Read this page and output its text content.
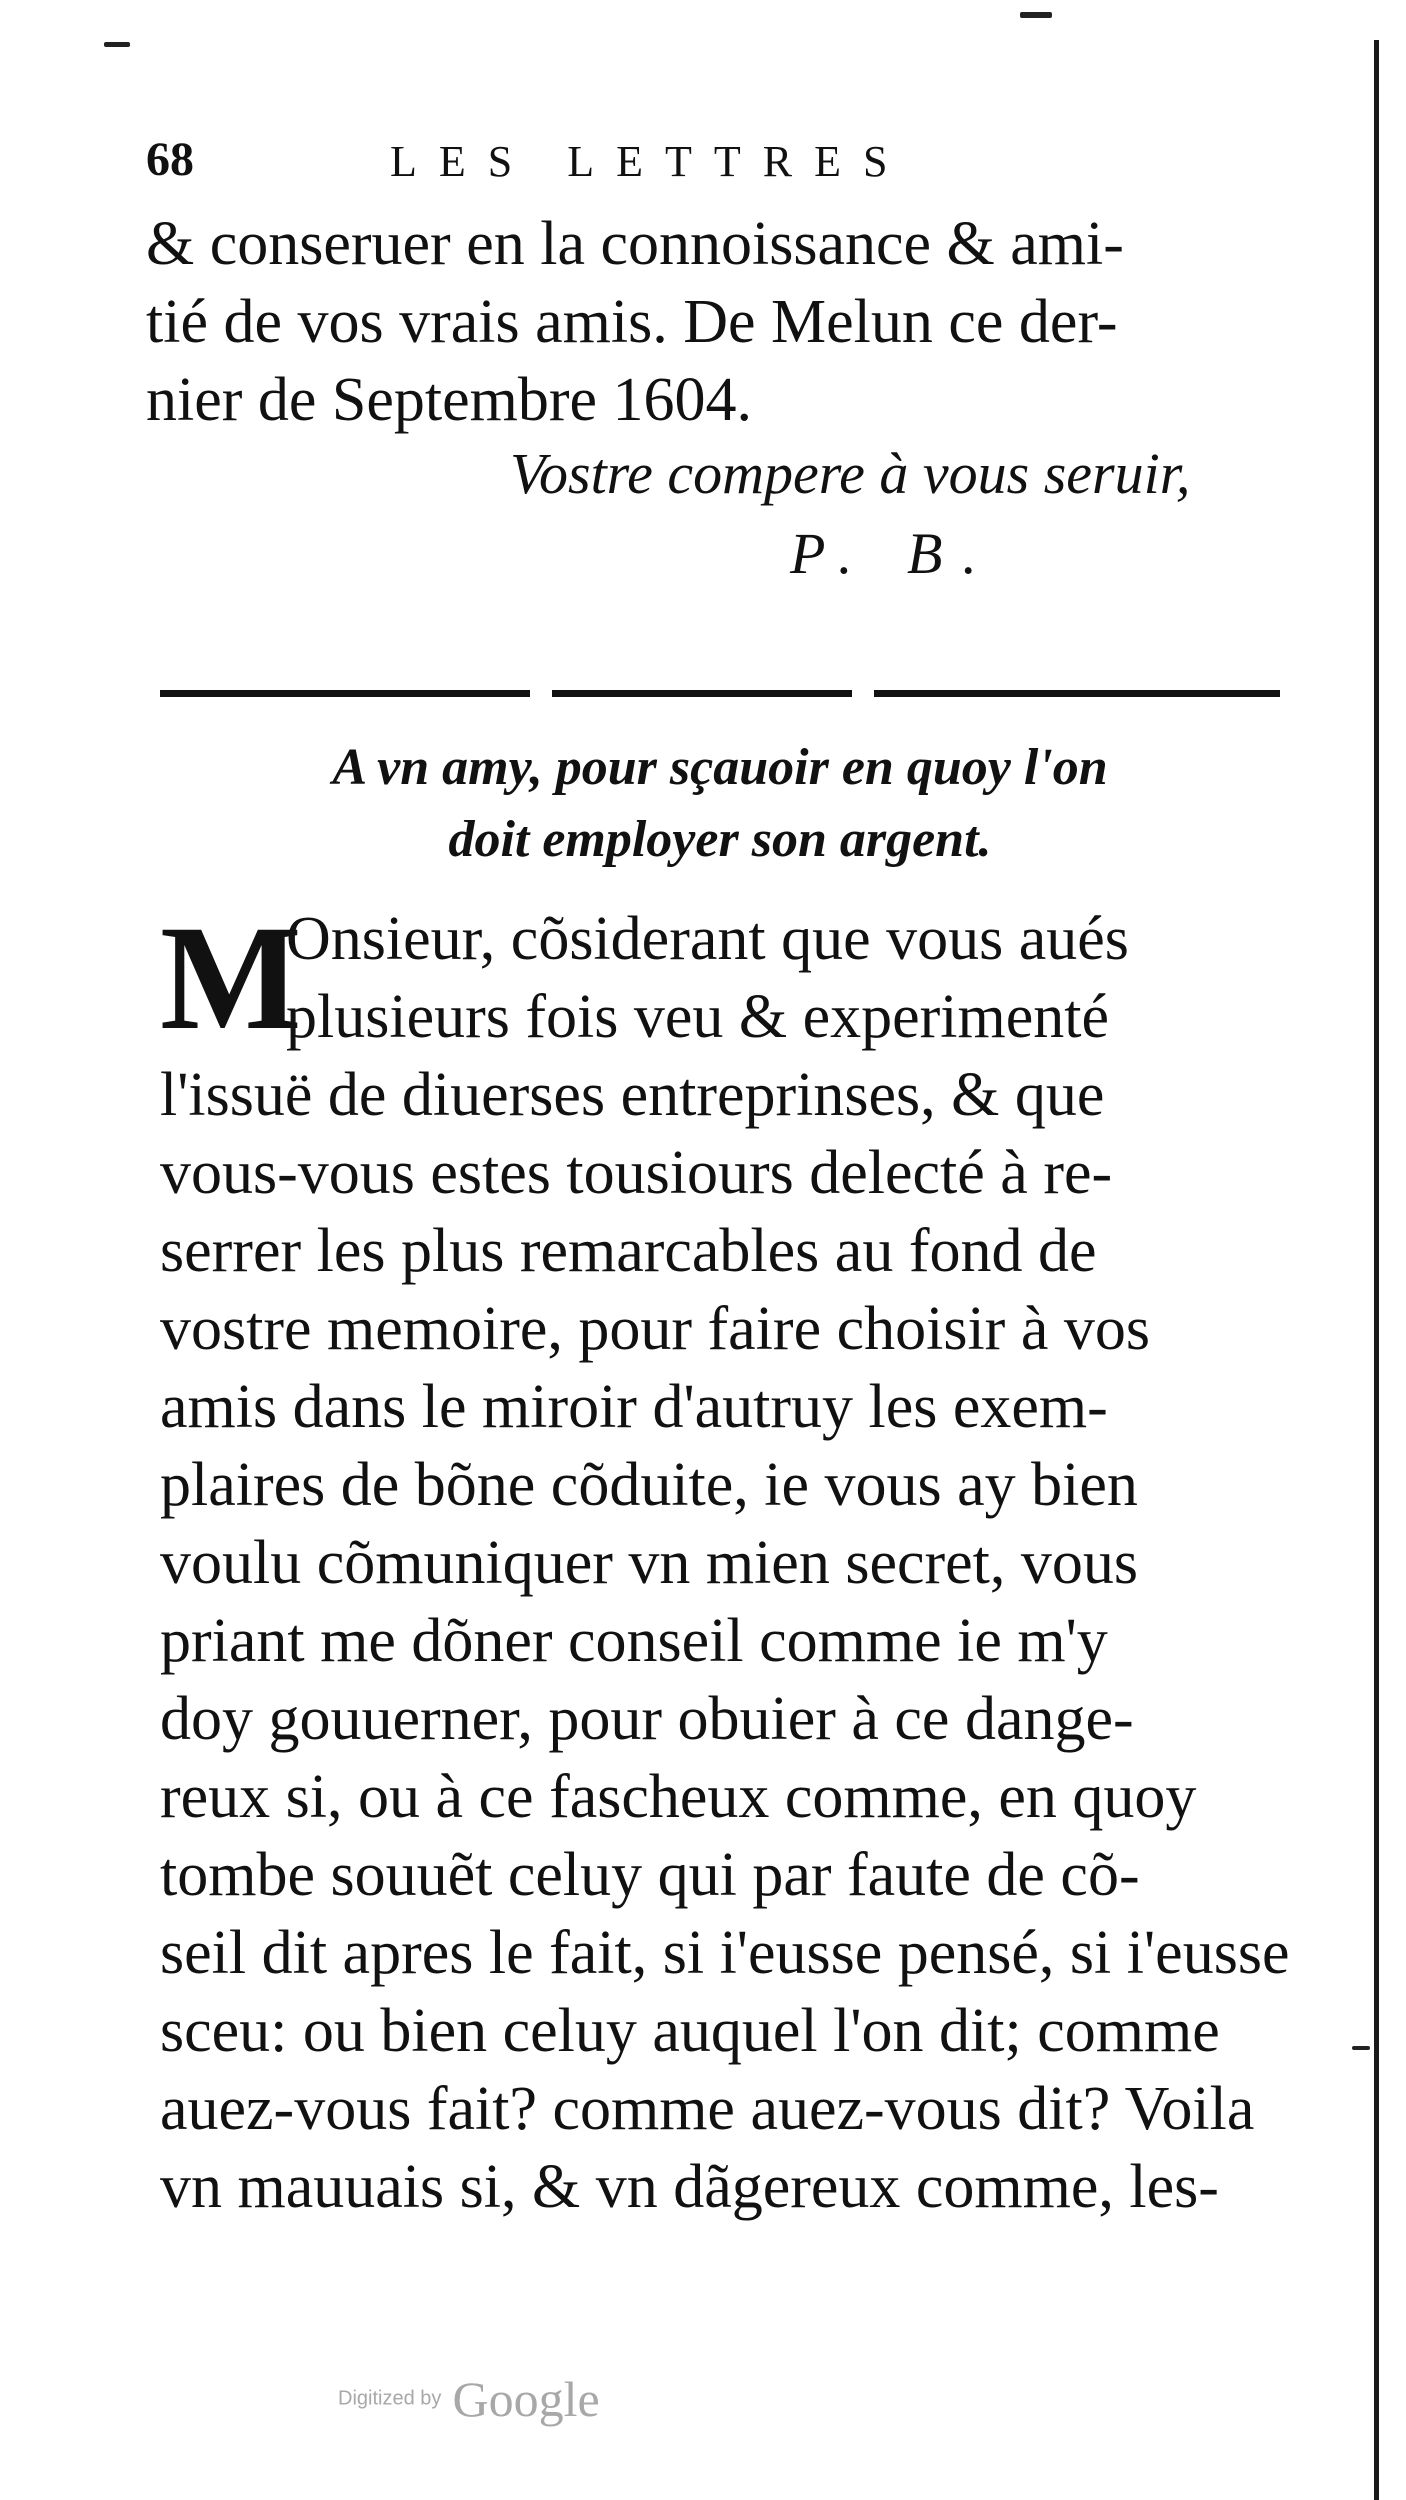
68	LES LETTRES
& conseruer en la connoissance & ami-
tié de vos vrais amis. De Melun ce der-
nier de Septembre 1604.
Vostre compere à vous seruir,
P. B.
A vn amy, pour sçauoir en quoy l'on
doit employer son argent.
M
Onsieur, cõsiderant que vous aués
plusieurs fois veu & experimenté
l'issuë de diuerses entreprinses, & que
vous-vous estes tousiours delecté à re-
serrer les plus remarcables au fond de
vostre memoire, pour faire choisir à vos
amis dans le miroir d'autruy les exem-
plaires de bõne cõduite, ie vous ay bien
voulu cõmuniquer vn mien secret, vous
priant me dõner conseil comme ie m'y
doy gouuerner, pour obuier à ce dange-
reux si, ou à ce fascheux comme, en quoy
tombe souuẽt celuy qui par faute de cõ-
seil dit apres le fait, si i'eusse pensé, si i'eusse
sceu: ou bien celuy auquel l'on dit; comme
auez-vous fait? comme auez-vous dit? Voila
vn mauuais si, & vn dãgereux comme, les-
Digitized by Google
